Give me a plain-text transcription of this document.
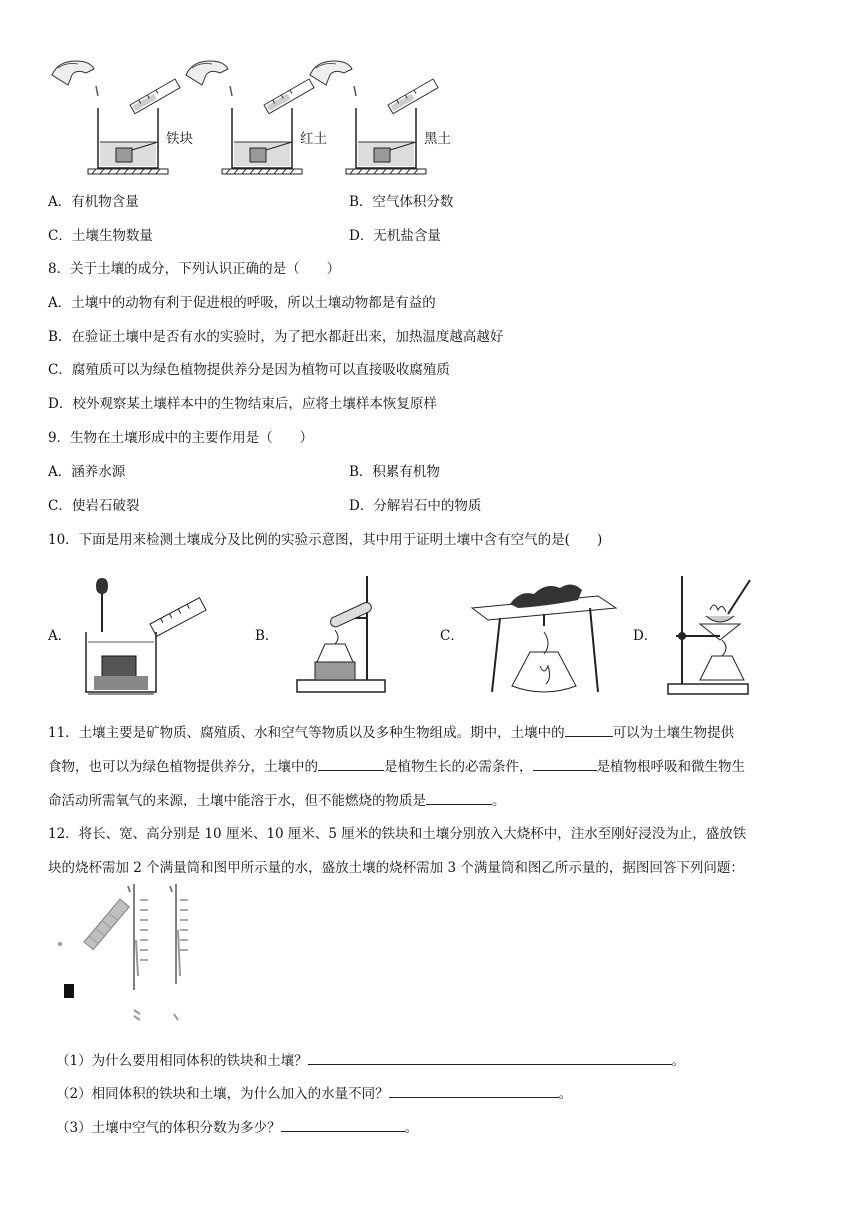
铁块	红土	黑土
A．有机物含量	B．空气体积分数
C．土壤生物数量	D．无机盐含量
8．关于土壤的成分，下列认识正确的是（　　）
A．土壤中的动物有利于促进根的呼吸，所以土壤动物都是有益的
B．在验证土壤中是否有水的实验时，为了把水都赶出来，加热温度越高越好
C．腐殖质可以为绿色植物提供养分是因为植物可以直接吸收腐殖质
D．校外观察某土壤样本中的生物结束后，应将土壤样本恢复原样
9．生物在土壤形成中的主要作用是（　　）
A．涵养水源	B．积累有机物
C．使岩石破裂	D．分解岩石中的物质
10．下面是用来检测土壤成分及比例的实验示意图，其中用于证明土壤中含有空气的是(　　)
A．	B．	C．	D．
11．土壤主要是矿物质、腐殖质、水和空气等物质以及多种生物组成。期中，土壤中的	可以为土壤生物提供
食物，也可以为绿色植物提供养分，土壤中的	是植物生长的必需条件，	是植物根呼吸和微生物生
命活动所需氧气的来源，土壤中能溶于水，但不能燃烧的物质是	。
12．将长、宽、高分别是 10 厘米、10 厘米、5 厘米的铁块和土壤分别放入大烧杯中，注水至刚好浸没为止，盛放铁
块的烧杯需加 2 个满量筒和图甲所示量的水，盛放土壤的烧杯需加 3 个满量筒和图乙所示量的，据图回答下列问题：
（1）为什么要用相同体积的铁块和土壤？	。
（2）相同体积的铁块和土壤，为什么加入的水量不同？	。
（3）土壤中空气的体积分数为多少？	。
